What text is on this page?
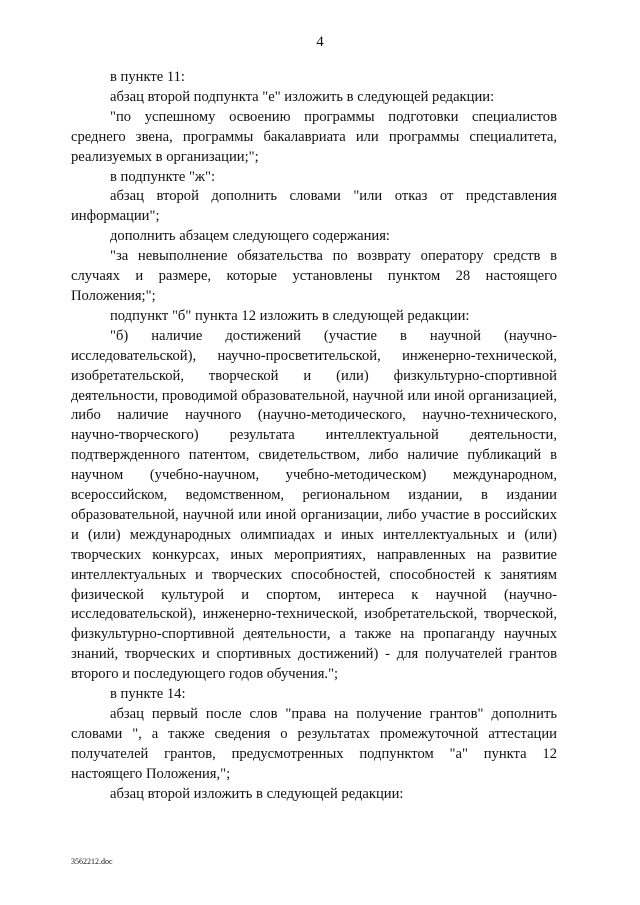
4

в пункте 11:

абзац второй подпункта "е" изложить в следующей редакции:

"по успешному освоению программы подготовки специалистов среднего звена, программы бакалавриата или программы специалитета, реализуемых в организации;";

в подпункте "ж":

абзац второй дополнить словами "или отказ от представления информации";

дополнить абзацем следующего содержания:

"за невыполнение обязательства по возврату оператору средств в случаях и размере, которые установлены пунктом 28 настоящего Положения;";

подпункт "б" пункта 12 изложить в следующей редакции:

"б) наличие достижений (участие в научной (научно-исследовательской), научно-просветительской, инженерно-технической, изобретательской, творческой и (или) физкультурно-спортивной деятельности, проводимой образовательной, научной или иной организацией, либо наличие научного (научно-методического, научно-технического, научно-творческого) результата интеллектуальной деятельности, подтвержденного патентом, свидетельством, либо наличие публикаций в научном (учебно-научном, учебно-методическом) международном, всероссийском, ведомственном, региональном издании, в издании образовательной, научной или иной организации, либо участие в российских и (или) международных олимпиадах и иных интеллектуальных и (или) творческих конкурсах, иных мероприятиях, направленных на развитие интеллектуальных и творческих способностей, способностей к занятиям физической культурой и спортом, интереса к научной (научно-исследовательской), инженерно-технической, изобретательской, творческой, физкультурно-спортивной деятельности, а также на пропаганду научных знаний, творческих и спортивных достижений) - для получателей грантов второго и последующего годов обучения.";

в пункте 14:

абзац первый после слов "права на получение грантов" дополнить словами ", а также сведения о результатах промежуточной аттестации получателей грантов, предусмотренных подпунктом "а" пункта 12 настоящего Положения,";

абзац второй изложить в следующей редакции:

3562212.doc
